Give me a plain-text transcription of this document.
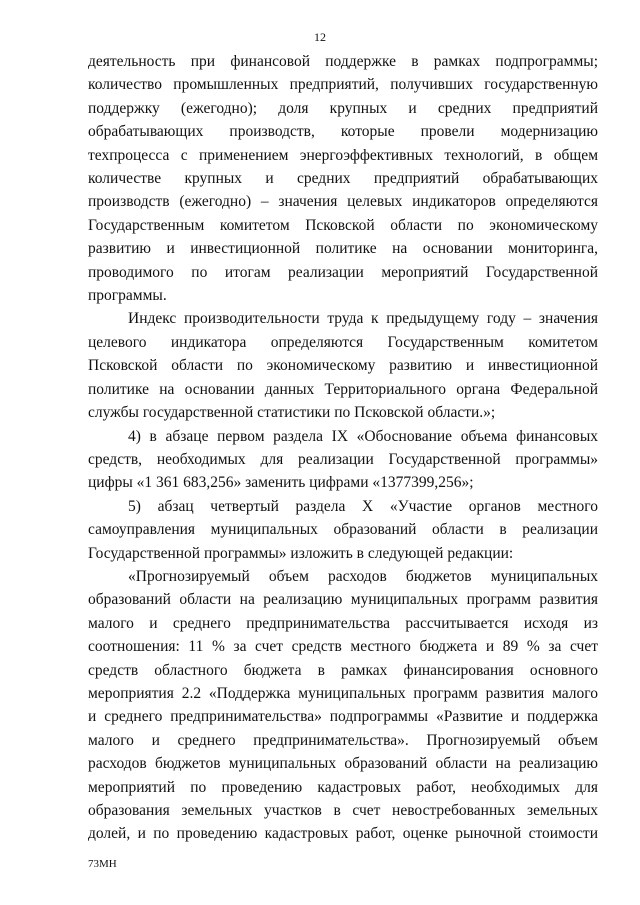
12
деятельность при финансовой поддержке в рамках подпрограммы;
количество промышленных предприятий, получивших государственную
поддержку (ежегодно); доля крупных и средних предприятий
обрабатывающих производств, которые провели модернизацию
техпроцесса с применением энергоэффективных технологий, в общем
количестве крупных и средних предприятий обрабатывающих
производств (ежегодно) – значения целевых индикаторов определяются
Государственным комитетом Псковской области по экономическому
развитию и инвестиционной политике на основании мониторинга,
проводимого по итогам реализации мероприятий Государственной
программы.
Индекс производительности труда к предыдущему году – значения
целевого индикатора определяются Государственным комитетом
Псковской области по экономическому развитию и инвестиционной
политике на основании данных Территориального органа Федеральной
службы государственной статистики по Псковской области.»;
4) в абзаце первом раздела IX «Обоснование объема финансовых
средств, необходимых для реализации Государственной программы»
цифры «1 361 683,256» заменить цифрами «1377399,256»;
5) абзац четвертый раздела X «Участие органов местного
самоуправления муниципальных образований области в реализации
Государственной программы» изложить в следующей редакции:
«Прогнозируемый объем расходов бюджетов муниципальных
образований области на реализацию муниципальных программ развития
малого и среднего предпринимательства рассчитывается исходя из
соотношения: 11 % за счет средств местного бюджета и 89 % за счет
средств областного бюджета в рамках финансирования основного
мероприятия 2.2 «Поддержка муниципальных программ развития малого
и среднего предпринимательства» подпрограммы «Развитие и поддержка
малого и среднего предпринимательства». Прогнозируемый объем
расходов бюджетов муниципальных образований области на реализацию
мероприятий по проведению кадастровых работ, необходимых для
образования земельных участков в счет невостребованных земельных
долей, и по проведению кадастровых работ, оценке рыночной стоимости
73МН
